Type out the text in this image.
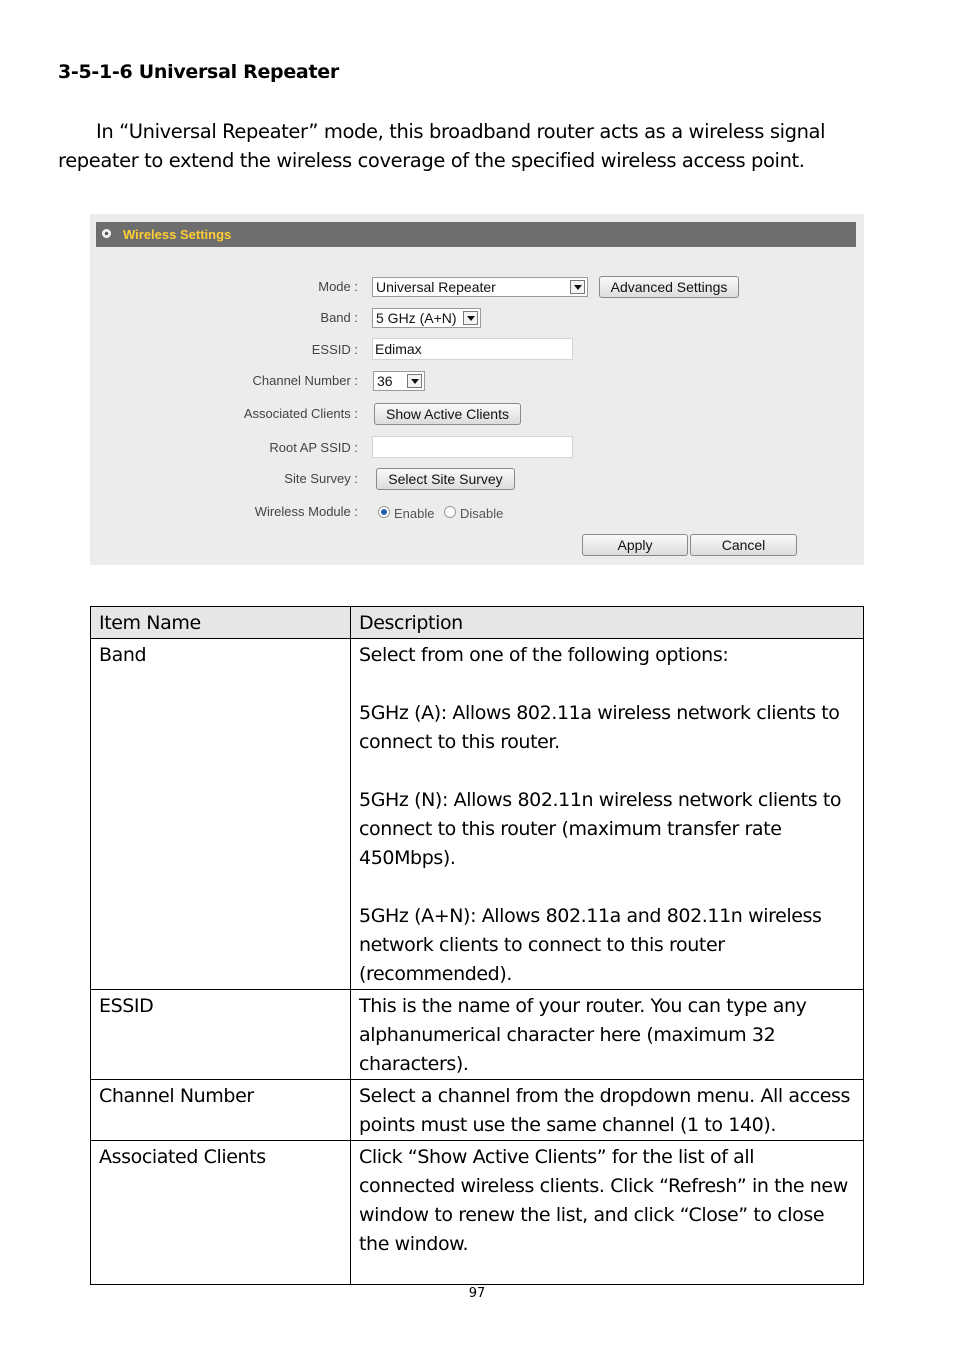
3-5-1-6 Universal Repeater
In “Universal Repeater” mode, this broadband router acts as a wireless signal repeater to extend the wireless coverage of the specified wireless access point.
Wireless Settings
Mode : Universal Repeater	Advanced Settings
Band : 5 GHz (A+N)
ESSID : Edimax
Channel Number : 36
Associated Clients :	Show Active Clients
Root AP SSID :
Site Survey :	Select Site Survey
Wireless Module :	Enable Disable
Apply	Cancel
Item Name	Description
Band	Select from one of the following options:

5GHz (A): Allows 802.11a wireless network clients to connect to this router.

5GHz (N): Allows 802.11n wireless network clients to connect to this router (maximum transfer rate 450Mbps).

5GHz (A+N): Allows 802.11a and 802.11n wireless network clients to connect to this router (recommended).

ESSID	This is the name of your router. You can type any alphanumerical character here (maximum 32 characters).

Channel Number	Select a channel from the dropdown menu. All access points must use the same channel (1 to 140).

Associated Clients	Click “Show Active Clients” for the list of all connected wireless clients. Click “Refresh” in the new window to renew the list, and click “Close” to close the window.

97
